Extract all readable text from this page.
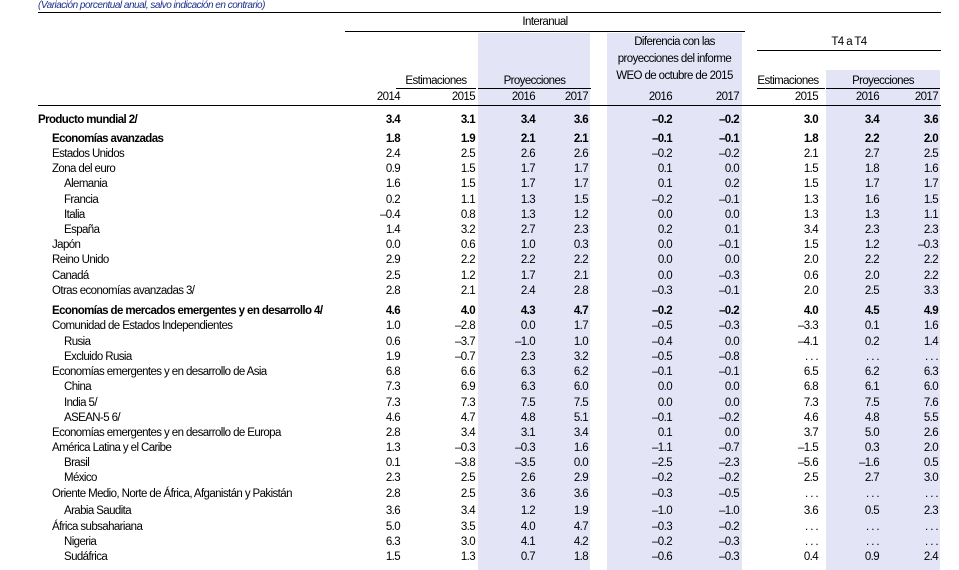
(Variación porcentual anual, salvo indicación en contrario)
Interanual
Diferencia con las
proyecciones del informe
WEO de octubre de 2015
T4 a T4
Estimaciones	Proyecciones	Estimaciones	Proyecciones
2014	2015	2016	2017	2016	2017	2015	2016	2017
Producto mundial 2/	3.4	3.1	3.4	3.6	–0.2	–0.2	3.0	3.4	3.6
Economías avanzadas	1.8	1.9	2.1	2.1	–0.1	–0.1	1.8	2.2	2.0
Estados Unidos	2.4	2.5	2.6	2.6	–0.2	–0.2	2.1	2.7	2.5
Zona del euro	0.9	1.5	1.7	1.7	0.1	0.0	1.5	1.8	1.6
Alemania	1.6	1.5	1.7	1.7	0.1	0.2	1.5	1.7	1.7
Francia	0.2	1.1	1.3	1.5	–0.2	–0.1	1.3	1.6	1.5
Italia	–0.4	0.8	1.3	1.2	0.0	0.0	1.3	1.3	1.1
España	1.4	3.2	2.7	2.3	0.2	0.1	3.4	2.3	2.3
Japón	0.0	0.6	1.0	0.3	0.0	–0.1	1.5	1.2	–0.3
Reino Unido	2.9	2.2	2.2	2.2	0.0	0.0	2.0	2.2	2.2
Canadá	2.5	1.2	1.7	2.1	0.0	–0.3	0.6	2.0	2.2
Otras economías avanzadas 3/	2.8	2.1	2.4	2.8	–0.3	–0.1	2.0	2.5	3.3
Economías de mercados emergentes y en desarrollo 4/	4.6	4.0	4.3	4.7	–0.2	–0.2	4.0	4.5	4.9
Comunidad de Estados Independientes	1.0	–2.8	0.0	1.7	–0.5	–0.3	–3.3	0.1	1.6
Rusia	0.6	–3.7	–1.0	1.0	–0.4	0.0	–4.1	0.2	1.4
Excluido Rusia	1.9	–0.7	2.3	3.2	–0.5	–0.8	. . .	. . .	. . .
Economías emergentes y en desarrollo de Asia	6.8	6.6	6.3	6.2	–0.1	–0.1	6.5	6.2	6.3
China	7.3	6.9	6.3	6.0	0.0	0.0	6.8	6.1	6.0
India 5/	7.3	7.3	7.5	7.5	0.0	0.0	7.3	7.5	7.6
ASEAN-5 6/	4.6	4.7	4.8	5.1	–0.1	–0.2	4.6	4.8	5.5
Economías emergentes y en desarrollo de Europa	2.8	3.4	3.1	3.4	0.1	0.0	3.7	5.0	2.6
América Latina y el Caribe	1.3	–0.3	–0.3	1.6	–1.1	–0.7	–1.5	0.3	2.0
Brasil	0.1	–3.8	–3.5	0.0	–2.5	–2.3	–5.6	–1.6	0.5
México	2.3	2.5	2.6	2.9	–0.2	–0.2	2.5	2.7	3.0
Oriente Medio, Norte de África, Afganistán y Pakistán	2.8	2.5	3.6	3.6	–0.3	–0.5	. . .	. . .	. . .
Arabia Saudita	3.6	3.4	1.2	1.9	–1.0	–1.0	3.6	0.5	2.3
África subsahariana	5.0	3.5	4.0	4.7	–0.3	–0.2	. . .	. . .	. . .
Nigeria	6.3	3.0	4.1	4.2	–0.2	–0.3	. . .	. . .	. . .
Sudáfrica	1.5	1.3	0.7	1.8	–0.6	–0.3	0.4	0.9	2.4
